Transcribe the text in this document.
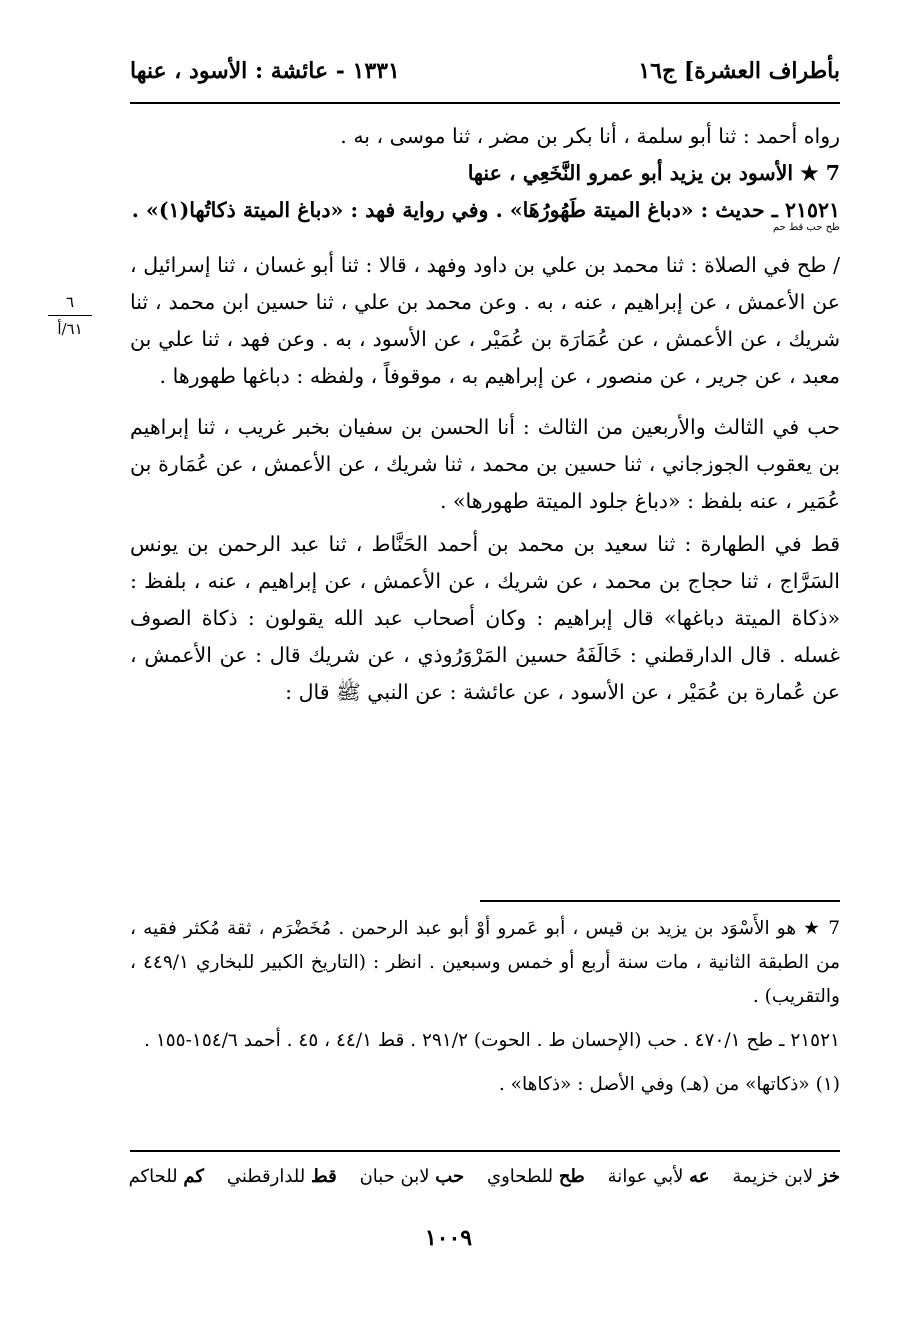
بأطراف العشرة] ج١٦
١٣٣١ - عائشة : الأسود ، عنها
٦
٦١/أ

رواه أحمد : ثنا أبو سلمة ، أنا بكر بن مضر ، ثنا موسى ، به .

7 ★ الأسود بن يزيد أبو عمرو النَّخَعِي ، عنها

٢١٥٢١ ـ حديث : «دباغ الميتة طَهُورُهَا» . وفي رواية فهد : «دباغ الميتة ذكاتُها(١)» .
طح حب قط حم

/ طح في الصلاة : ثنا محمد بن علي بن داود وفهد ، قالا : ثنا أبو غسان ، ثنا إسرائيل ، عن الأعمش ، عن إبراهيم ، عنه ، به . وعن محمد بن علي ، ثنا حسين ابن محمد ، ثنا شريك ، عن الأعمش ، عن عُمَارَة بن عُمَيْر ، عن الأسود ، به . وعن فهد ، ثنا علي بن معبد ، عن جرير ، عن منصور ، عن إبراهيم به ، موقوفاً ، ولفظه : دباغها طهورها .

حب في الثالث والأربعين من الثالث : أنا الحسن بن سفيان بخبر غريب ، ثنا إبراهيم بن يعقوب الجوزجاني ، ثنا حسين بن محمد ، ثنا شريك ، عن الأعمش ، عن عُمَارة بن عُمَير ، عنه بلفظ : «دباغ جلود الميتة طهورها» .

قط في الطهارة : ثنا سعيد بن محمد بن أحمد الحَنَّاط ، ثنا عبد الرحمن بن يونس السَرَّاج ، ثنا حجاج بن محمد ، عن شريك ، عن الأعمش ، عن إبراهيم ، عنه ، بلفظ : «ذكاة الميتة دباغها» قال إبراهيم : وكان أصحاب عبد الله يقولون : ذكاة الصوف غسله . قال الدارقطني : خَالَفَهُ حسين المَرْوَرُوذي ، عن شريك قال : عن الأعمش ، عن عُمارة بن عُمَيْر ، عن الأسود ، عن عائشة : عن النبي ﷺ قال :

7 ★ هو الأَسْوَد بن يزيد بن قيس ، أبو عَمرو أوْ أبو عبد الرحمن . مُخَضْرَم ، ثقة مُكثر فقيه ، من الطبقة الثانية ، مات سنة أربع أو خمس وسبعين . انظر : (التاريخ الكبير للبخاري ٤٤٩/١ ، والتقريب) .

٢١٥٢١ ـ طح ٤٧٠/١ . حب (الإحسان ط . الحوت) ٢٩١/٢ . قط ٤٤/١ ، ٤٥ . أحمد ١٥٤/٦-١٥٥ .

(١) «ذكاتها» من (هـ) وفي الأصل : «ذكاها» .

خز لابن خزيمة    عه لأبي عوانة    طح للطحاوي    حب لابن حبان    قط للدارقطني    كم للحاكم
١٠٠٩
